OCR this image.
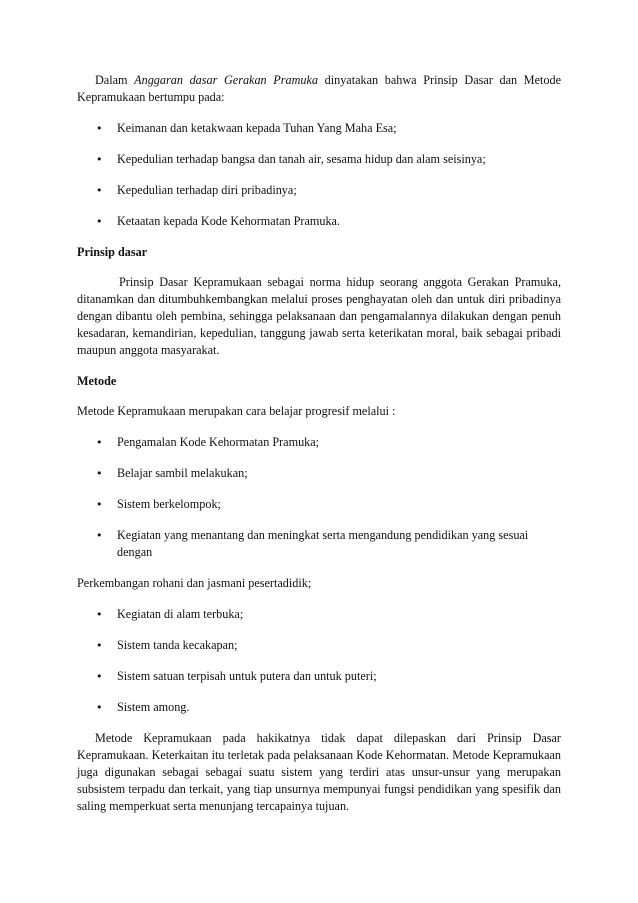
Dalam Anggaran dasar Gerakan Pramuka dinyatakan bahwa Prinsip Dasar dan Metode Kepramukaan bertumpu pada:

• Keimanan dan ketakwaan kepada Tuhan Yang Maha Esa;
• Kepedulian terhadap bangsa dan tanah air, sesama hidup dan alam seisinya;
• Kepedulian terhadap diri pribadinya;
• Ketaatan kepada Kode Kehormatan Pramuka.
Prinsip dasar

Prinsip Dasar Kepramukaan sebagai norma hidup seorang anggota Gerakan Pramuka, ditanamkan dan ditumbuhkembangkan melalui proses penghayatan oleh dan untuk diri pribadinya dengan dibantu oleh pembina, sehingga pelaksanaan dan pengamalannya dilakukan dengan penuh kesadaran, kemandirian, kepedulian, tanggung jawab serta keterikatan moral, baik sebagai pribadi maupun anggota masyarakat.

Metode

Metode Kepramukaan merupakan cara belajar progresif melalui :

• Pengamalan Kode Kehormatan Pramuka;
• Belajar sambil melakukan;
• Sistem berkelompok;
• Kegiatan yang menantang dan meningkat serta mengandung pendidikan yang sesuai dengan

Perkembangan rohani dan jasmani pesertadidik;

• Kegiatan di alam terbuka;
• Sistem tanda kecakapan;
• Sistem satuan terpisah untuk putera dan untuk puteri;
• Sistem among.

Metode Kepramukaan pada hakikatnya tidak dapat dilepaskan dari Prinsip Dasar Kepramukaan. Keterkaitan itu terletak pada pelaksanaan Kode Kehormatan. Metode Kepramukaan juga digunakan sebagai sebagai suatu sistem yang terdiri atas unsur-unsur yang merupakan subsistem terpadu dan terkait, yang tiap unsurnya mempunyai fungsi pendidikan yang spesifik dan saling memperkuat serta menunjang tercapainya tujuan.
